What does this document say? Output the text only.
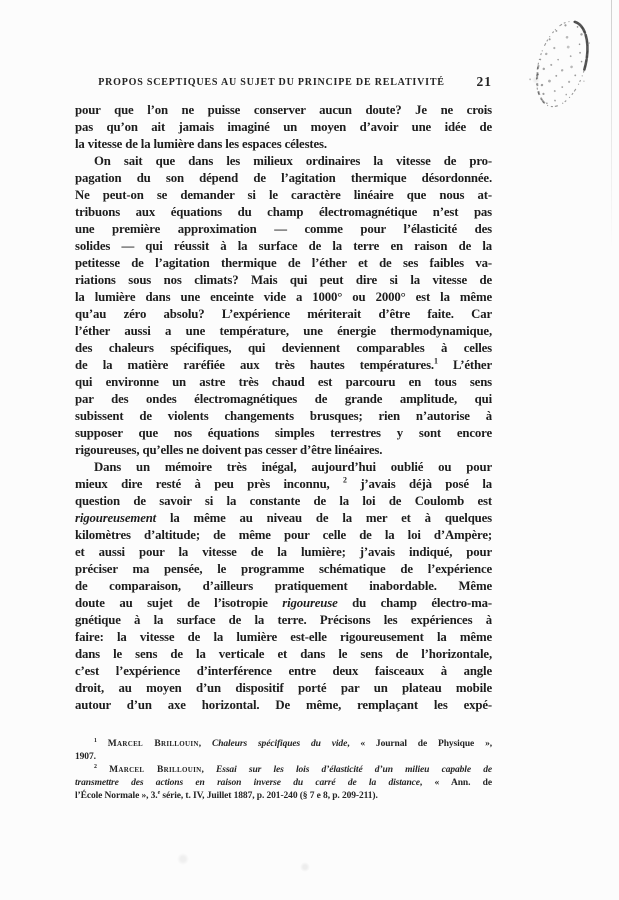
PROPOS SCEPTIQUES AU SUJET DU PRINCIPE DE RELATIVITÉ	21
pour que l’on ne puisse conserver aucun doute? Je ne crois
pas qu’on ait jamais imaginé un moyen d’avoir une idée de
la vitesse de la lumière dans les espaces célestes.
On sait que dans les milieux ordinaires la vitesse de pro-
pagation du son dépend de l’agitation thermique désordonnée.
Ne peut-on se demander si le caractère linéaire que nous at-
tribuons aux équations du champ électromagnétique n’est pas
une première approximation — comme pour l’élasticité des
solides — qui réussit à la surface de la terre en raison de la
petitesse de l’agitation thermique de l’éther et de ses faibles va-
riations sous nos climats? Mais qui peut dire si la vitesse de
la lumière dans une enceinte vide a 1000° ou 2000° est la même
qu’au zéro absolu? L’expérience mériterait d’être faite. Car
l’éther aussi a une température, une énergie thermodynamique,
des chaleurs spécifiques, qui deviennent comparables à celles
de la matière raréfiée aux très hautes températures.$^1$ L’éther
qui environne un astre très chaud est parcouru en tous sens
par des ondes électromagnétiques de grande amplitude, qui
subissent de violents changements brusques; rien n’autorise à
supposer que nos équations simples terrestres y sont encore
rigoureuses, qu’elles ne doivent pas cesser d’être linéaires.
Dans un mémoire très inégal, aujourd’hui oublié ou pour
mieux dire resté à peu près inconnu, $^2$ j’avais déjà posé la
question de savoir si la constante de la loi de Coulomb est
rigoureusement la même au niveau de la mer et à quelques
kilomètres d’altitude; de même pour celle de la loi d’Ampère;
et aussi pour la vitesse de la lumière; j’avais indiqué, pour
préciser ma pensée, le programme schématique de l’expérience
de comparaison, d’ailleurs pratiquement inabordable. Même
doute au sujet de l’isotropie rigoureuse du champ électro-ma-
gnétique à la surface de la terre. Précisons les expériences à
faire: la vitesse de la lumière est-elle rigoureusement la même
dans le sens de la verticale et dans le sens de l’horizontale,
c’est l’expérience d’interférence entre deux faisceaux à angle
droit, au moyen d’un dispositif porté par un plateau mobile
autour d’un axe horizontal. De même, remplaçant les expé-
$^1$ Marcel Brillouin, Chaleurs spécifiques du vide, « Journal de Physique »,
1907.
$^2$ Marcel Brillouin, Essai sur les lois d’élasticité d’un milieu capable de
transmettre des actions en raison inverse du carré de la distance, « Ann. de
l’École Normale », 3.$^e$ série, t. IV, Juillet 1887, p. 201-240 (§ 7 e 8, p. 209-211).
